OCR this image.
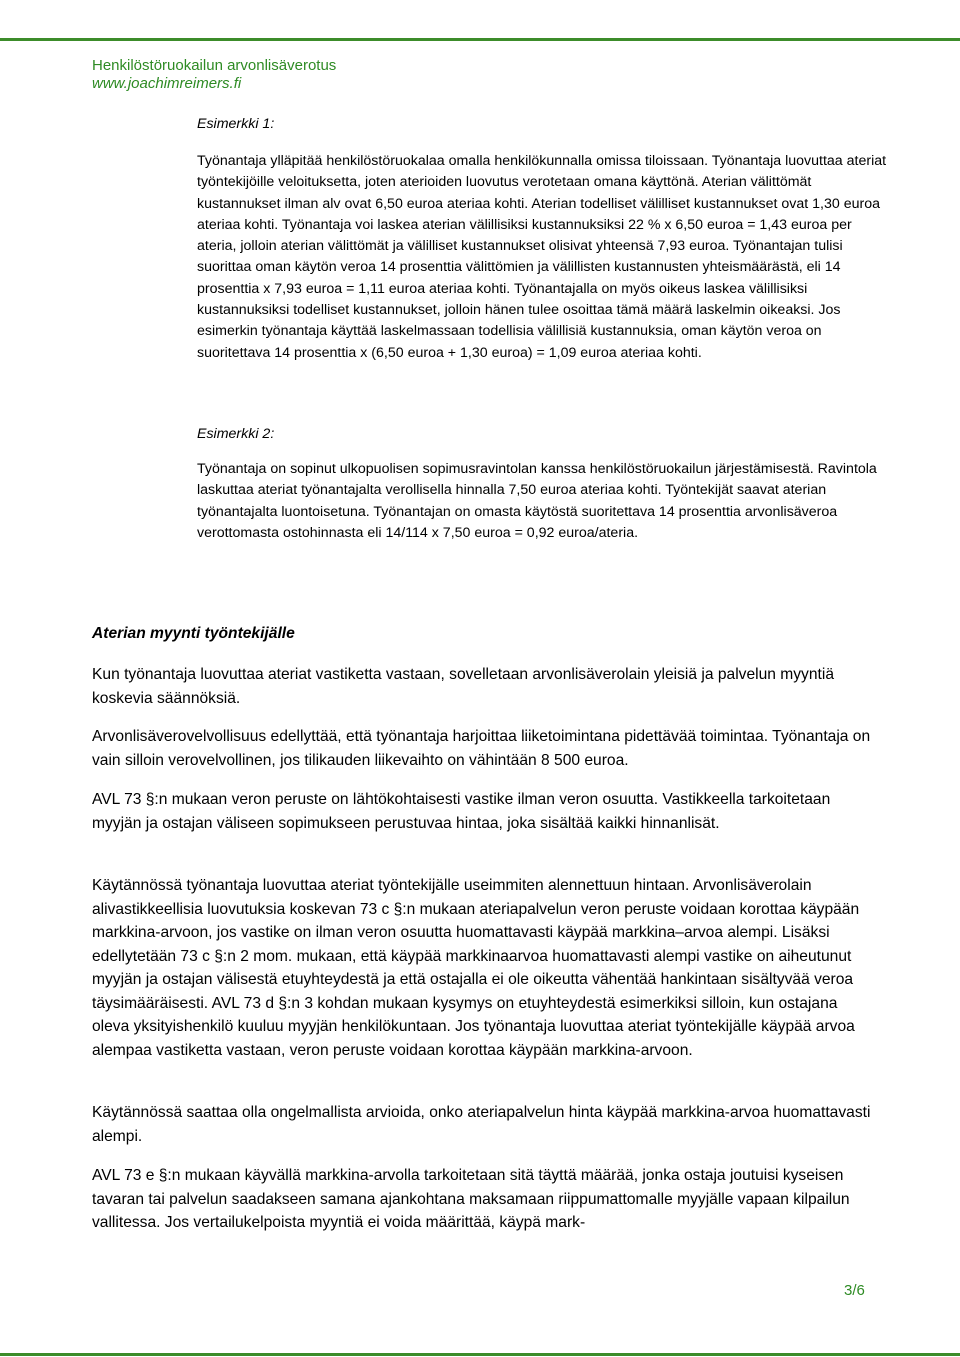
Henkilöstöruokailun arvonlisäverotus
www.joachimreimers.fi

Esimerkki 1:

Työnantaja ylläpitää henkilöstöruokalaa omalla henkilökunnalla omissa tiloissaan. Työnantaja luovuttaa ateriat työntekijöille veloituksetta, joten aterioiden luovutus verotetaan omana käyttönä. Aterian välittömät kustannukset ilman alv ovat 6,50 euroa ateriaa kohti. Aterian todelliset välilliset kustannukset ovat 1,30 euroa ateriaa kohti. Työnantaja voi laskea aterian välillisiksi kustannuksiksi 22 % x 6,50 euroa = 1,43 euroa per ateria, jolloin aterian välittömät ja välilliset kustannukset olisivat yhteensä 7,93 euroa. Työnantajan tulisi suorittaa oman käytön veroa 14 prosenttia välittömien ja välillisten kustannusten yhteismäärästä, eli 14 prosenttia x 7,93 euroa = 1,11 euroa ateriaa kohti. Työnantajalla on myös oikeus laskea välillisiksi kustannuksiksi todelliset kustannukset, jolloin hänen tulee osoittaa tämä määrä laskelmin oikeaksi. Jos esimerkin työnantaja käyttää laskelmassaan todellisia välillisiä kustannuksia, oman käytön veroa on suoritettava 14 prosenttia x (6,50 euroa + 1,30 euroa) = 1,09 euroa ateriaa kohti.

Esimerkki 2:

Työnantaja on sopinut ulkopuolisen sopimusravintolan kanssa henkilöstöruokailun järjestämisestä. Ravintola laskuttaa ateriat työnantajalta verollisella hinnalla 7,50 euroa ateriaa kohti. Työntekijät saavat aterian työnantajalta luontoisetuna. Työnantajan on omasta käytöstä suoritettava 14 prosenttia arvonlisäveroa verottomasta ostohinnasta eli 14/114 x 7,50 euroa = 0,92 euroa/ateria.

Aterian myynti työntekijälle

Kun työnantaja luovuttaa ateriat vastiketta vastaan, sovelletaan arvonlisäverolain yleisiä ja palvelun myyntiä koskevia säännöksiä.

Arvonlisäverovelvollisuus edellyttää, että työnantaja harjoittaa liiketoimintana pidettävää toimintaa. Työnantaja on vain silloin verovelvollinen, jos tilikauden liikevaihto on vähintään 8 500 euroa.

AVL 73 §:n mukaan veron peruste on lähtökohtaisesti vastike ilman veron osuutta. Vastikkeella tarkoitetaan myyjän ja ostajan väliseen sopimukseen perustuvaa hintaa, joka sisältää kaikki hinnanlisät.

Käytännössä työnantaja luovuttaa ateriat työntekijälle useimmiten alennettuun hintaan. Arvonlisäverolain alivastikkeellisia luovutuksia koskevan 73 c §:n mukaan ateriapalvelun veron peruste voidaan korottaa käypään markkina-arvoon, jos vastike on ilman veron osuutta huomattavasti käypää markkina–arvoa alempi. Lisäksi edellytetään 73 c §:n 2 mom. mukaan, että käypää markkinaarvoa huomattavasti alempi vastike on aiheutunut myyjän ja ostajan välisestä etuyhteydestä ja että ostajalla ei ole oikeutta vähentää hankintaan sisältyvää veroa täysimääräisesti. AVL 73 d §:n 3 kohdan mukaan kysymys on etuyhteydestä esimerkiksi silloin, kun ostajana oleva yksityishenkilö kuuluu myyjän henkilökuntaan. Jos työnantaja luovuttaa ateriat työntekijälle käypää arvoa alempaa vastiketta vastaan, veron peruste voidaan korottaa käypään markkina-arvoon.

Käytännössä saattaa olla ongelmallista arvioida, onko ateriapalvelun hinta käypää markkina-arvoa huomattavasti alempi.

AVL 73 e §:n mukaan käyvällä markkina-arvolla tarkoitetaan sitä täyttä määrää, jonka ostaja joutuisi kyseisen tavaran tai palvelun saadakseen samana ajankohtana maksamaan riippumattomalle myyjälle vapaan kilpailun vallitessa. Jos vertailukelpoista myyntiä ei voida määrittää, käypä mark-

3/6
